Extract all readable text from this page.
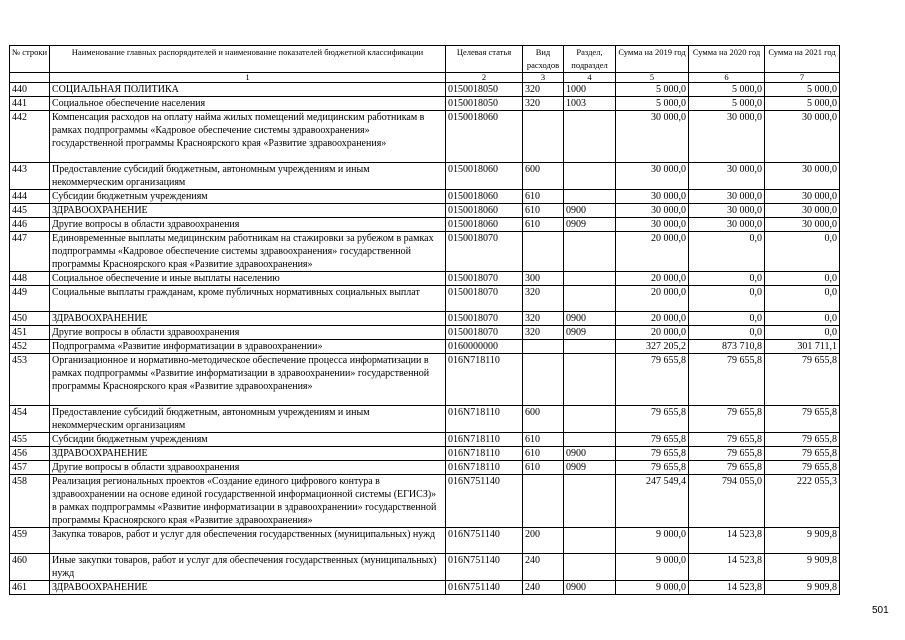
№ строки	Наименование главных распорядителей и наименование показателей бюджетной классификации	Целевая статья	Вид расходов	Раздел, подраздел	Сумма на 2019 год	Сумма на 2020 год	Сумма на 2021 год
	1	2	3	4	5	6	7
440	СОЦИАЛЬНАЯ ПОЛИТИКА	0150018050	320	1000	5 000,0	5 000,0	5 000,0
441	Социальное обеспечение населения	0150018050	320	1003	5 000,0	5 000,0	5 000,0
442	Компенсация расходов на оплату найма жилых помещений медицинским работникам в рамках подпрограммы «Кадровое обеспечение системы здравоохранения» государственной программы Красноярского края «Развитие здравоохранения»	0150018060			30 000,0	30 000,0	30 000,0
443	Предоставление субсидий бюджетным, автономным учреждениям и иным некоммерческим организациям	0150018060	600		30 000,0	30 000,0	30 000,0
444	Субсидии бюджетным учреждениям	0150018060	610		30 000,0	30 000,0	30 000,0
445	ЗДРАВООХРАНЕНИЕ	0150018060	610	0900	30 000,0	30 000,0	30 000,0
446	Другие вопросы в области здравоохранения	0150018060	610	0909	30 000,0	30 000,0	30 000,0
447	Единовременные выплаты медицинским работникам на стажировки за рубежом в рамках подпрограммы «Кадровое обеспечение системы здравоохранения» государственной программы Красноярского края «Развитие здравоохранения»	0150018070			20 000,0	0,0	0,0
448	Социальное обеспечение и иные выплаты населению	0150018070	300		20 000,0	0,0	0,0
449	Социальные выплаты гражданам, кроме публичных нормативных социальных выплат	0150018070	320		20 000,0	0,0	0,0
450	ЗДРАВООХРАНЕНИЕ	0150018070	320	0900	20 000,0	0,0	0,0
451	Другие вопросы в области здравоохранения	0150018070	320	0909	20 000,0	0,0	0,0
452	Подпрограмма «Развитие информатизации в здравоохранении»	0160000000			327 205,2	873 710,8	301 711,1
453	Организационное и нормативно-методическое обеспечение процесса информатизации в рамках подпрограммы «Развитие информатизации в здравоохранении» государственной программы Красноярского края «Развитие здравоохранения»	016N718110			79 655,8	79 655,8	79 655,8
454	Предоставление субсидий бюджетным, автономным учреждениям и иным некоммерческим организациям	016N718110	600		79 655,8	79 655,8	79 655,8
455	Субсидии бюджетным учреждениям	016N718110	610		79 655,8	79 655,8	79 655,8
456	ЗДРАВООХРАНЕНИЕ	016N718110	610	0900	79 655,8	79 655,8	79 655,8
457	Другие вопросы в области здравоохранения	016N718110	610	0909	79 655,8	79 655,8	79 655,8
458	Реализация региональных проектов «Создание единого цифрового контура в здравоохранении на основе единой государственной информационной системы (ЕГИСЗ)» в рамках подпрограммы «Развитие информатизации в здравоохранении» государственной программы Красноярского края «Развитие здравоохранения»	016N751140			247 549,4	794 055,0	222 055,3
459	Закупка товаров, работ и услуг для обеспечения государственных (муниципальных) нужд	016N751140	200		9 000,0	14 523,8	9 909,8
460	Иные закупки товаров, работ и услуг для обеспечения государственных (муниципальных) нужд	016N751140	240		9 000,0	14 523,8	9 909,8
461	ЗДРАВООХРАНЕНИЕ	016N751140	240	0900	9 000,0	14 523,8	9 909,8
501
